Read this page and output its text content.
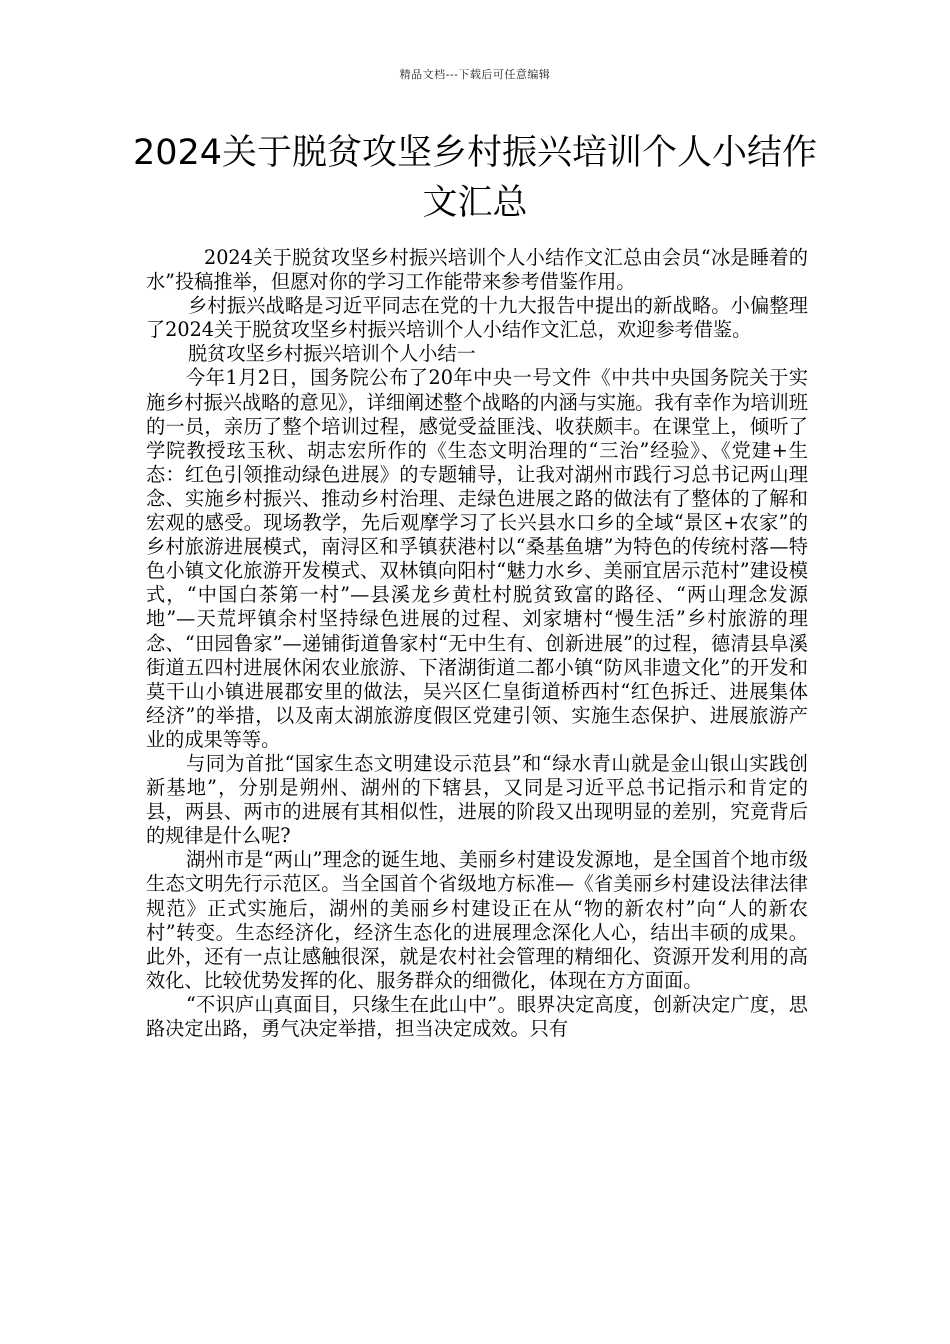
精品文档---下载后可任意编辑
2024关于脱贫攻坚乡村振兴培训个人小结作文汇总

2024关于脱贫攻坚乡村振兴培训个人小结作文汇总由会员“冰是睡着的水”投稿推举，但愿对你的学习工作能带来参考借鉴作用。

乡村振兴战略是习近平同志在党的十九大报告中提出的新战略。小偏整理了2024关于脱贫攻坚乡村振兴培训个人小结作文汇总，欢迎参考借鉴。

脱贫攻坚乡村振兴培训个人小结一

今年1月2日，国务院公布了20年中央一号文件《中共中央国务院关于实施乡村振兴战略的意见》，详细阐述整个战略的内涵与实施。我有幸作为培训班的一员，亲历了整个培训过程，感觉受益匪浅、收获颇丰。在课堂上，倾听了学院教授玹玉秋、胡志宏所作的《生态文明治理的“三治”经验》、《党建+生态：红色引领推动绿色进展》的专题辅导，让我对湖州市践行习总书记两山理念、实施乡村振兴、推动乡村治理、走绿色进展之路的做法有了整体的了解和宏观的感受。现场教学，先后观摩学习了长兴县水口乡的全域“景区+农家”的乡村旅游进展模式，南浔区和孚镇获港村以“桑基鱼塘”为特色的传统村落—特色小镇文化旅游开发模式、双林镇向阳村“魅力水乡、美丽宜居示范村”建设模式，“中国白茶第一村”—县溪龙乡黄杜村脱贫致富的路径、“两山理念发源地”—天荒坪镇余村坚持绿色进展的过程、刘家塘村“慢生活”乡村旅游的理念、“田园鲁家”—递铺街道鲁家村“无中生有、创新进展”的过程，德清县阜溪街道五四村进展休闲农业旅游、下渚湖街道二都小镇“防风非遗文化”的开发和莫干山小镇进展郡安里的做法，吴兴区仁皇街道桥西村“红色拆迁、进展集体经济”的举措，以及南太湖旅游度假区党建引领、实施生态保护、进展旅游产业的成果等等。

与同为首批“国家生态文明建设示范县”和“绿水青山就是金山银山实践创新基地”，分别是朔州、湖州的下辖县，又同是习近平总书记指示和肯定的县，两县、两市的进展有其相似性，进展的阶段又出现明显的差别，究竟背后的规律是什么呢?

湖州市是“两山”理念的诞生地、美丽乡村建设发源地，是全国首个地市级生态文明先行示范区。当全国首个省级地方标准—《省美丽乡村建设法律法律规范》正式实施后，湖州的美丽乡村建设正在从“物的新农村”向“人的新农村”转变。生态经济化，经济生态化的进展理念深化人心，结出丰硕的成果。此外，还有一点让感触很深，就是农村社会管理的精细化、资源开发利用的高效化、比较优势发挥的化、服务群众的细微化，体现在方方面面。

“不识庐山真面目，只缘生在此山中”。眼界决定高度，创新决定广度，思路决定出路，勇气决定举措，担当决定成效。只有
